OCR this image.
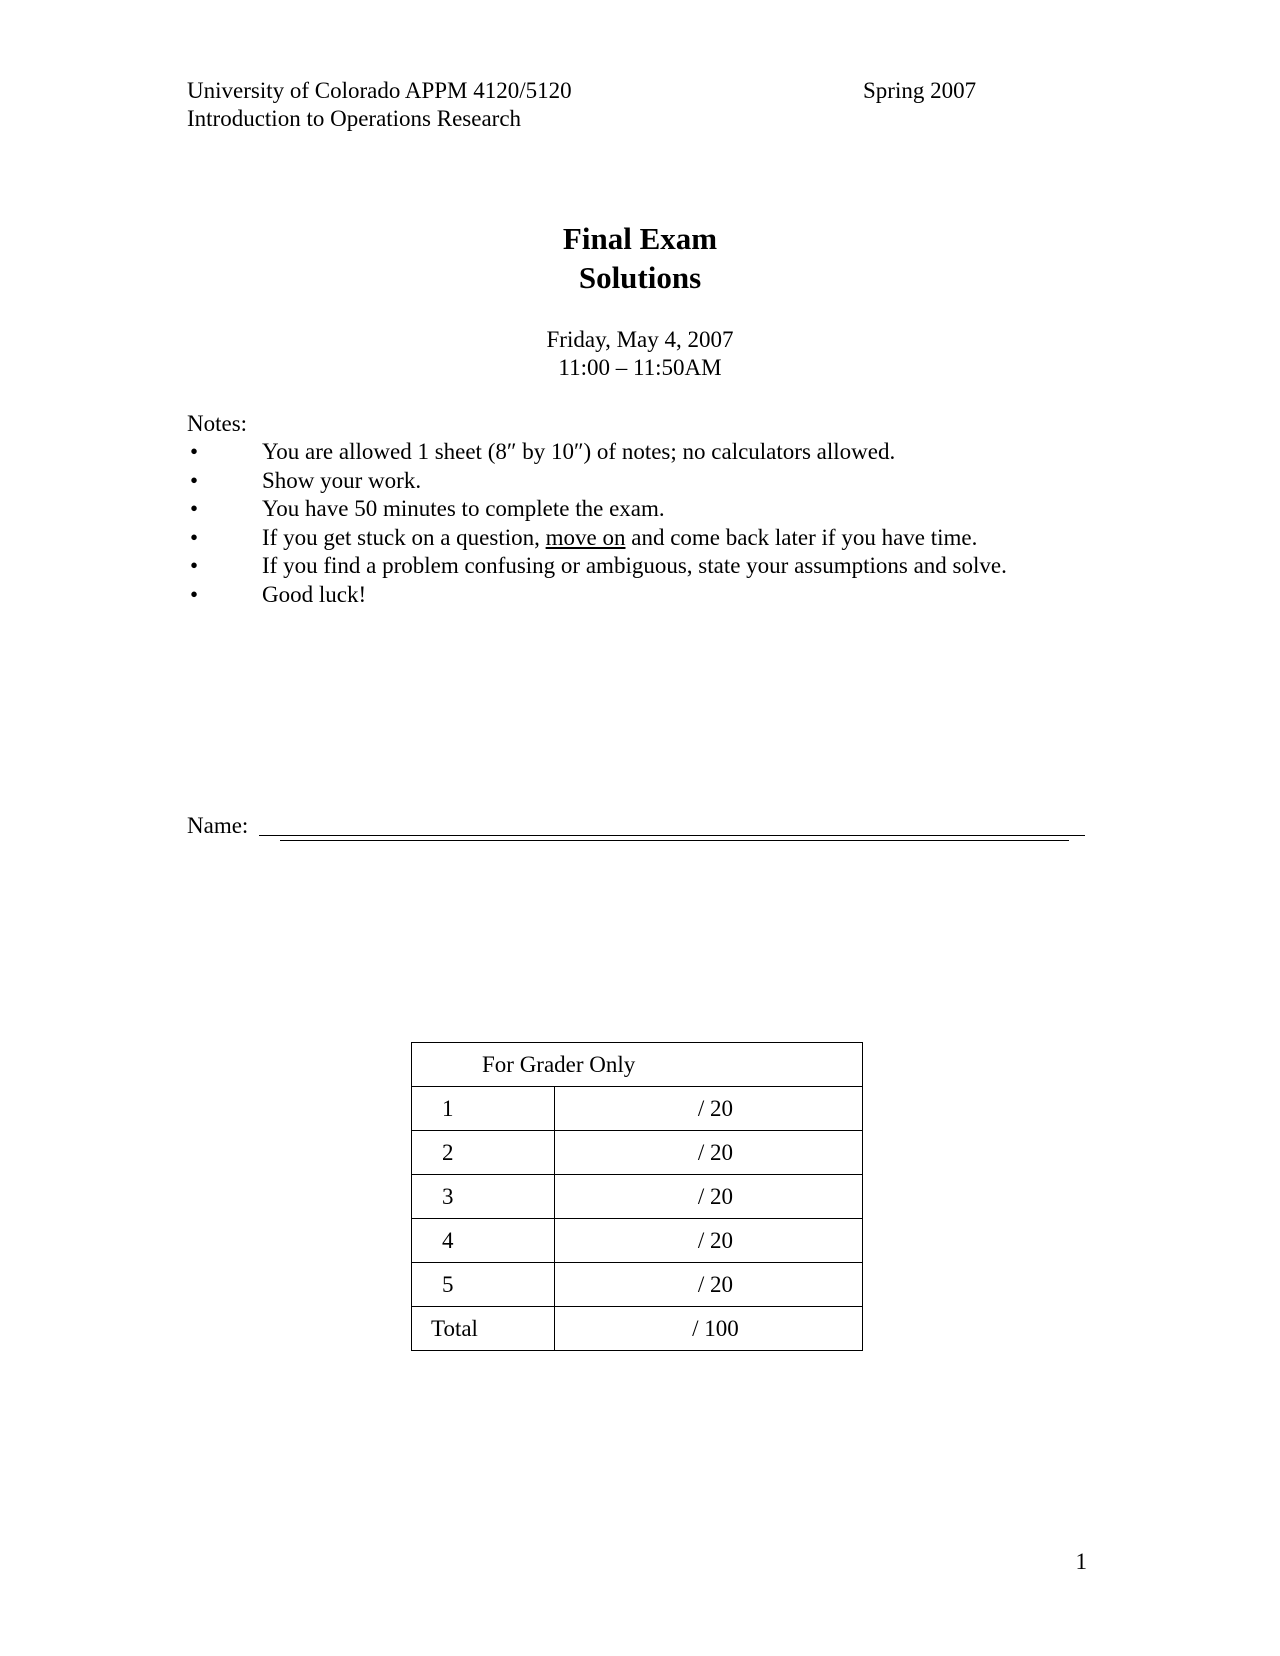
University of Colorado APPM 4120/5120
Introduction to Operations Research
Spring 2007
Final Exam
Solutions
Friday, May 4, 2007
11:00 – 11:50AM
Notes:
•	You are allowed 1 sheet (8″ by 10″) of notes; no calculators allowed.
•	Show your work.
•	You have 50 minutes to complete the exam.
•	If you get stuck on a question, move on and come back later if you have time.
•	If you find a problem confusing or ambiguous, state your assumptions and solve.
•	Good luck!
Name:
For Grader Only	
1	/ 20
2	/ 20
3	/ 20
4	/ 20
5	/ 20
Total	/ 100
1
